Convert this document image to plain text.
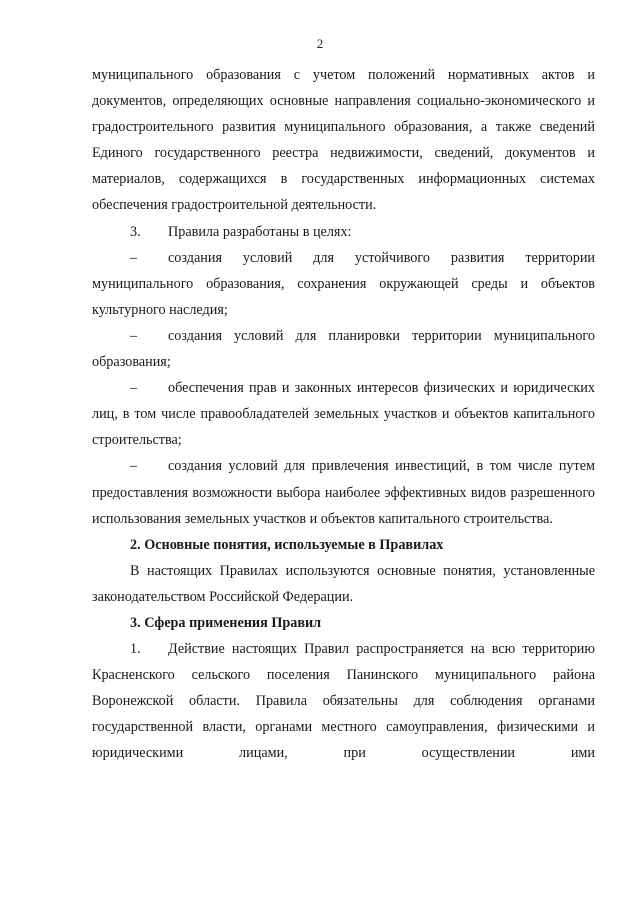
2

муниципального образования с учетом положений нормативных актов и документов, определяющих основные направления социально-экономического и градостроительного развития муниципального образования, а также сведений Единого государственного реестра недвижимости, сведений, документов и материалов, содержащихся в государственных информационных системах обеспечения градостроительной деятельности.

3. Правила разработаны в целях:

– создания условий для устойчивого развития территории муниципального образования, сохранения окружающей среды и объектов культурного наследия;

– создания условий для планировки территории муниципального образования;

– обеспечения прав и законных интересов физических и юридических лиц, в том числе правообладателей земельных участков и объектов капитального строительства;

– создания условий для привлечения инвестиций, в том числе путем предоставления возможности выбора наиболее эффективных видов разрешенного использования земельных участков и объектов капитального строительства.

2. Основные понятия, используемые в Правилах

В настоящих Правилах используются основные понятия, установленные законодательством Российской Федерации.

3. Сфера применения Правил

1. Действие настоящих Правил распространяется на всю территорию Красненского сельского поселения Панинского муниципального района Воронежской области. Правила обязательны для соблюдения органами государственной власти, органами местного самоуправления, физическими и юридическими лицами, при осуществлении ими
